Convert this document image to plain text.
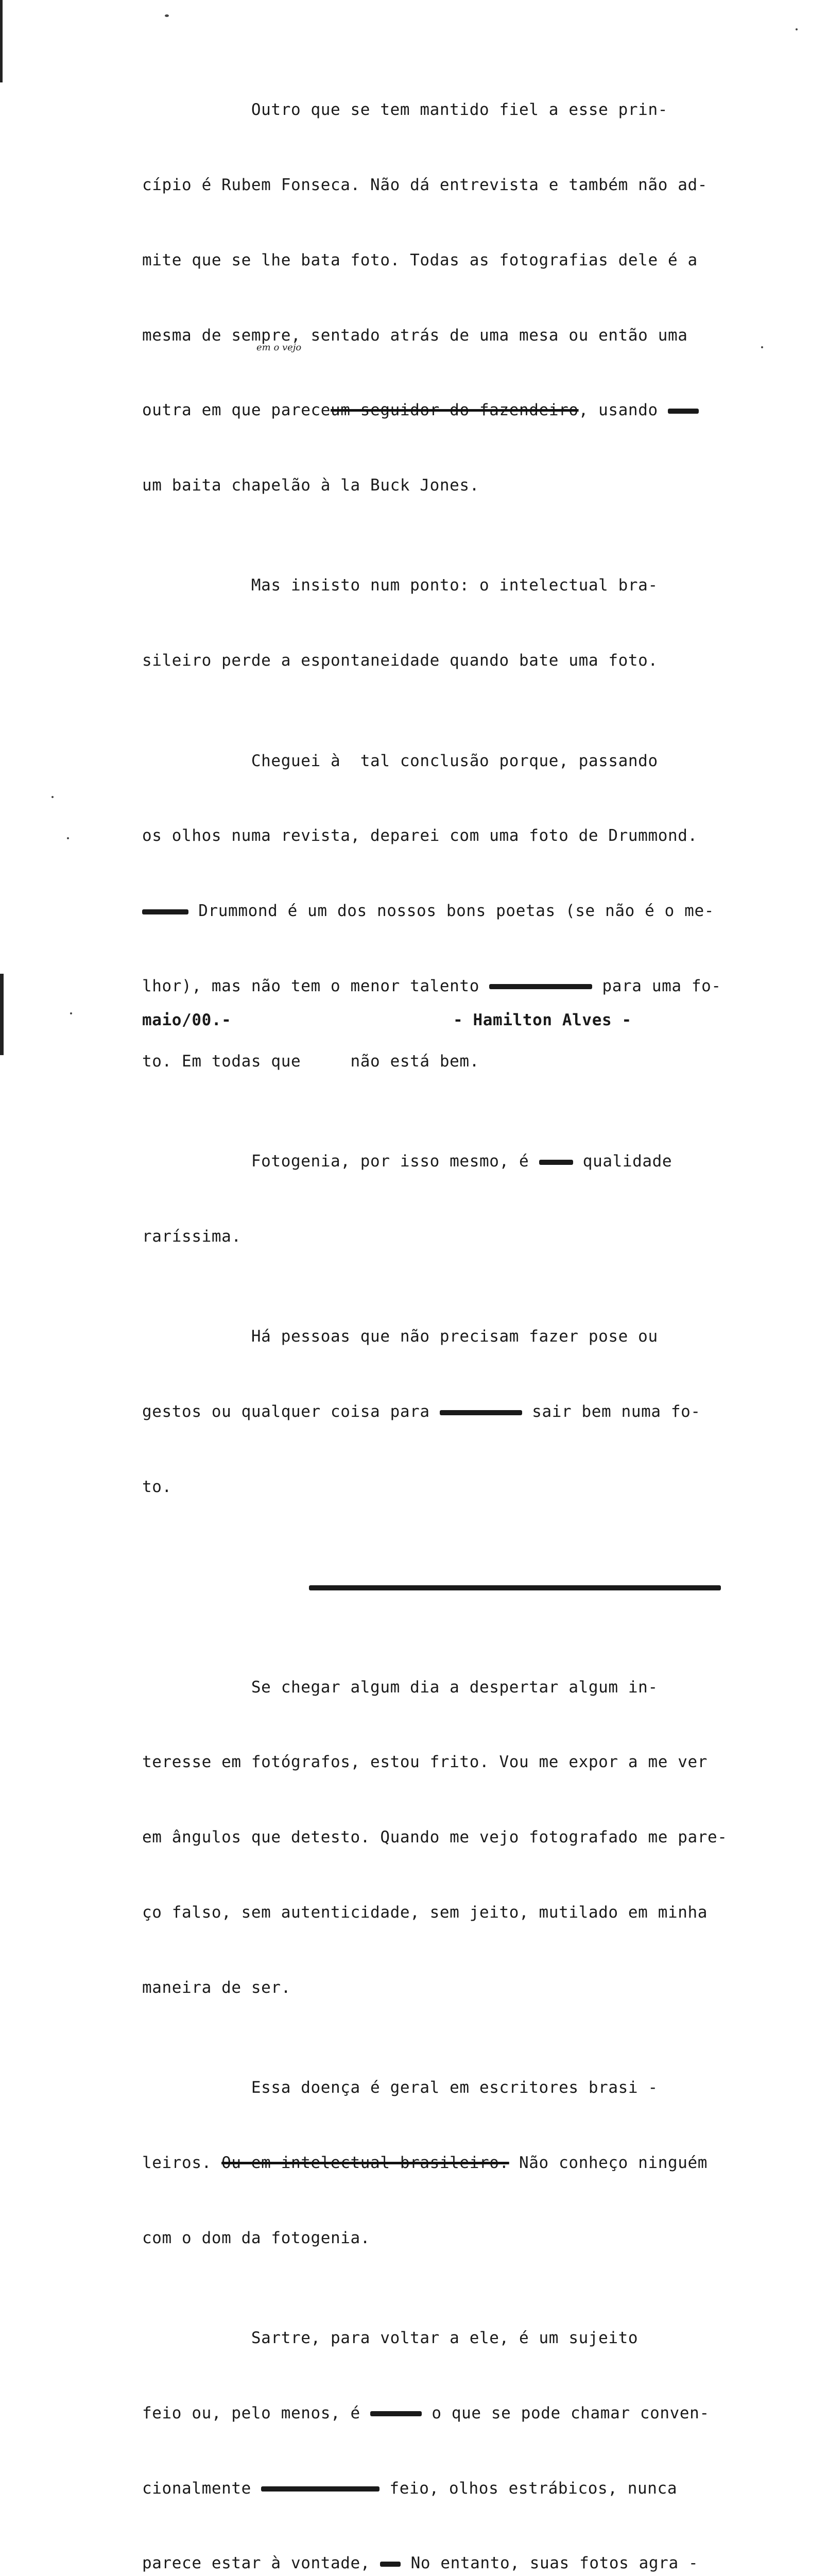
Outro que se tem mantido fiel a esse prin-

cípio é Rubem Fonseca. Não dá entrevista e também não ad-

mite que se lhe bata foto. Todas as fotografias dele é a

mesma de sempre, sentado atrás de uma mesa ou então uma

outra em que pareceum seguidor do fazendeiro, usando

um baita chapelão à la Buck Jones.

Mas insisto num ponto: o intelectual bra-

sileiro perde a espontaneidade quando bate uma foto.

Cheguei à  tal conclusão porque, passando

os olhos numa revista, deparei com uma foto de Drummond.

Drummond é um dos nossos bons poetas (se não é o me-

lhor), mas não tem o menor talento	para uma fo-

to. Em todas que     não está bem.

Fotogenia, por isso mesmo, é  qualidade

raríssima.

Há pessoas que não precisam fazer pose ou

gestos ou qualquer coisa para	sair bem numa fo-

to.

Se chegar algum dia a despertar algum in-

teresse em fotógrafos, estou frito. Vou me expor a me ver

em ângulos que detesto. Quando me vejo fotografado me pare-

ço falso, sem autenticidade, sem jeito, mutilado em minha

maneira de ser.

Essa doença é geral em escritores brasi -

leiros. Ou em intelectual brasileiro. Não conheço ninguém

com o dom da fotogenia.

Sartre, para voltar a ele, é um sujeito

feio ou, pelo menos, é	o que se pode chamar conven-

cionalmente	feio, olhos estrábicos, nunca

parece estar à vontade,  No entanto, suas fotos agra -

em o vejo
maio/00.-	- Hamilton Alves -
